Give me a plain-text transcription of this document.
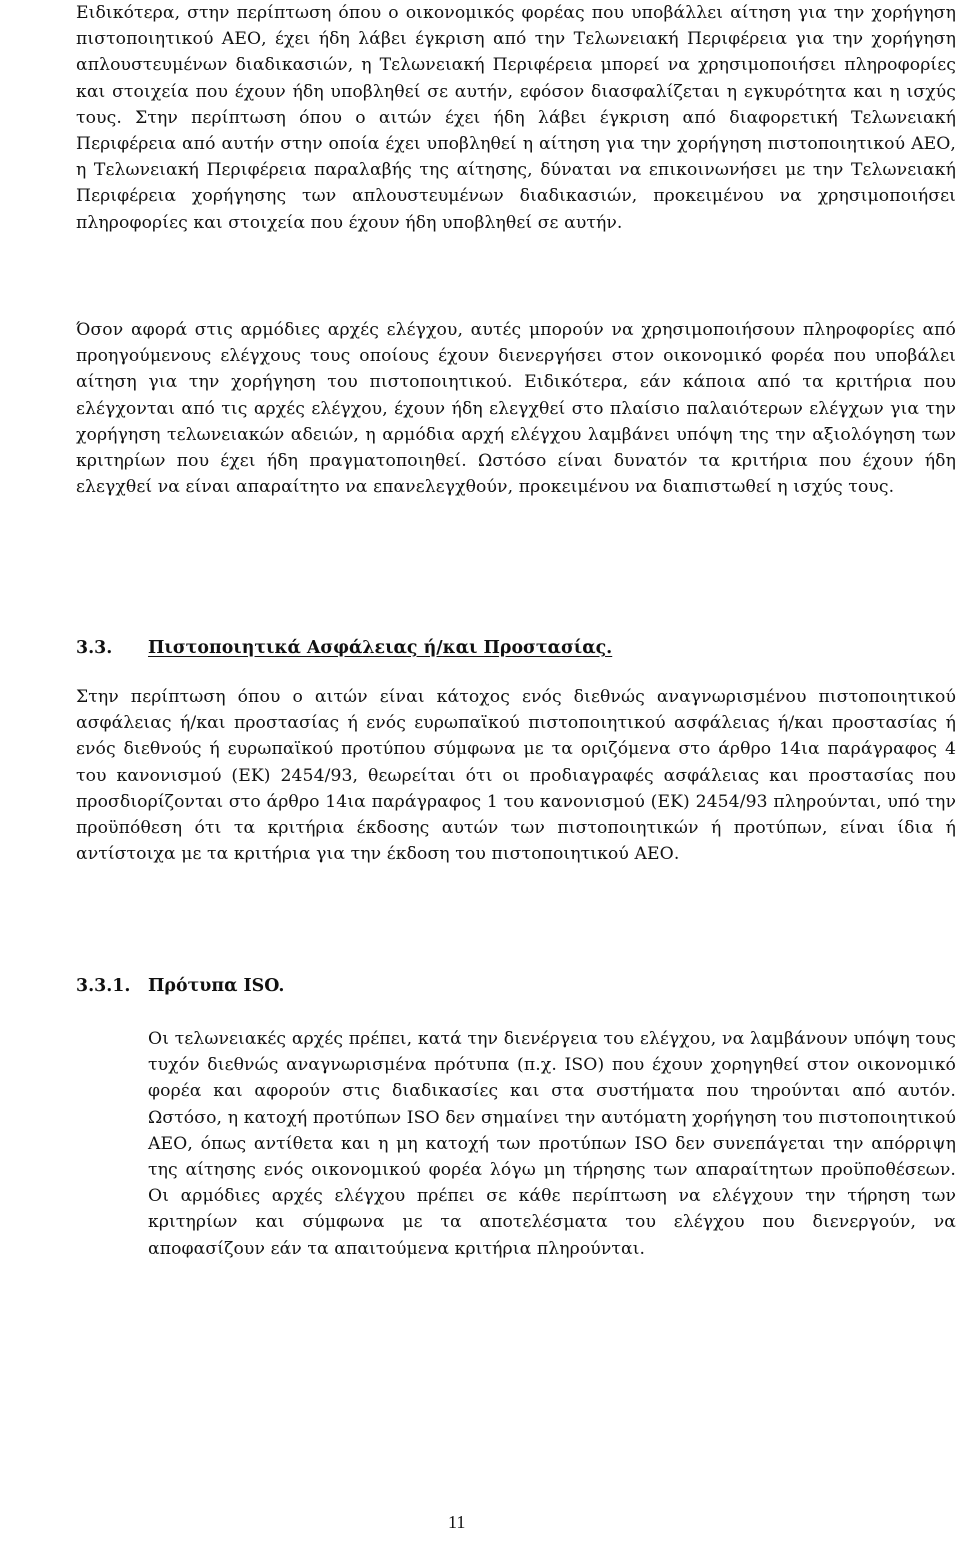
Ειδικότερα, στην περίπτωση όπου ο οικονομικός φορέας που υποβάλλει αίτηση για την χορήγηση πιστοποιητικού ΑΕΟ, έχει ήδη λάβει έγκριση από την Τελωνειακή Περιφέρεια για την χορήγηση απλουστευμένων διαδικασιών, η Τελωνειακή Περιφέρεια μπορεί να χρησιμοποιήσει πληροφορίες και στοιχεία που έχουν ήδη υποβληθεί σε αυτήν, εφόσον διασφαλίζεται η εγκυρότητα και η ισχύς τους. Στην περίπτωση όπου ο αιτών έχει ήδη λάβει έγκριση από διαφορετική Τελωνειακή Περιφέρεια από αυτήν στην οποία έχει υποβληθεί η αίτηση για την χορήγηση πιστοποιητικού ΑΕΟ, η Τελωνειακή Περιφέρεια παραλαβής της αίτησης, δύναται να επικοινωνήσει με την Τελωνειακή Περιφέρεια χορήγησης των απλουστευμένων διαδικασιών, προκειμένου να χρησιμοποιήσει πληροφορίες και στοιχεία που έχουν ήδη υποβληθεί σε αυτήν.

Όσον αφορά στις αρμόδιες αρχές ελέγχου, αυτές μπορούν να χρησιμοποιήσουν πληροφορίες από προηγούμενους ελέγχους τους οποίους έχουν διενεργήσει στον οικονομικό φορέα που υποβάλει αίτηση για την χορήγηση του πιστοποιητικού. Ειδικότερα, εάν κάποια από τα κριτήρια που ελέγχονται από τις αρχές ελέγχου, έχουν ήδη ελεγχθεί στο πλαίσιο παλαιότερων ελέγχων για την χορήγηση τελωνειακών αδειών, η αρμόδια αρχή ελέγχου λαμβάνει υπόψη της την αξιολόγηση των κριτηρίων που έχει ήδη πραγματοποιηθεί. Ωστόσο είναι δυνατόν τα κριτήρια που έχουν ήδη ελεγχθεί να είναι απαραίτητο να επανελεγχθούν, προκειμένου να διαπιστωθεί η ισχύς τους.

3.3. Πιστοποιητικά Ασφάλειας ή/και Προστασίας.

Στην περίπτωση όπου ο αιτών είναι κάτοχος ενός διεθνώς αναγνωρισμένου πιστοποιητικού ασφάλειας ή/και προστασίας ή ενός ευρωπαϊκού πιστοποιητικού ασφάλειας ή/και προστασίας ή ενός διεθνούς ή ευρωπαϊκού προτύπου σύμφωνα με τα οριζόμενα στο άρθρο 14ια παράγραφος 4 του κανονισμού (ΕΚ) 2454/93, θεωρείται ότι οι προδιαγραφές ασφάλειας και προστασίας που προσδιορίζονται στο άρθρο 14ια παράγραφος 1 του κανονισμού (ΕΚ) 2454/93 πληρούνται, υπό την προϋπόθεση ότι τα κριτήρια έκδοσης αυτών των πιστοποιητικών ή προτύπων, είναι ίδια ή αντίστοιχα με τα κριτήρια για την έκδοση του πιστοποιητικού ΑΕΟ.

3.3.1. Πρότυπα ISO.

Οι τελωνειακές αρχές πρέπει, κατά την διενέργεια του ελέγχου, να λαμβάνουν υπόψη τους τυχόν διεθνώς αναγνωρισμένα πρότυπα (π.χ. ISO) που έχουν χορηγηθεί στον οικονομικό φορέα και αφορούν στις διαδικασίες και στα συστήματα που τηρούνται από αυτόν. Ωστόσο, η κατοχή προτύπων ISO δεν σημαίνει την αυτόματη χορήγηση του πιστοποιητικού ΑΕΟ, όπως αντίθετα και η μη κατοχή των προτύπων ISO δεν συνεπάγεται την απόρριψη της αίτησης ενός οικονομικού φορέα λόγω μη τήρησης των απαραίτητων προϋποθέσεων. Οι αρμόδιες αρχές ελέγχου πρέπει σε κάθε περίπτωση να ελέγχουν την τήρηση των κριτηρίων και σύμφωνα με τα αποτελέσματα του ελέγχου που διενεργούν, να αποφασίζουν εάν τα απαιτούμενα κριτήρια πληρούνται.

11
